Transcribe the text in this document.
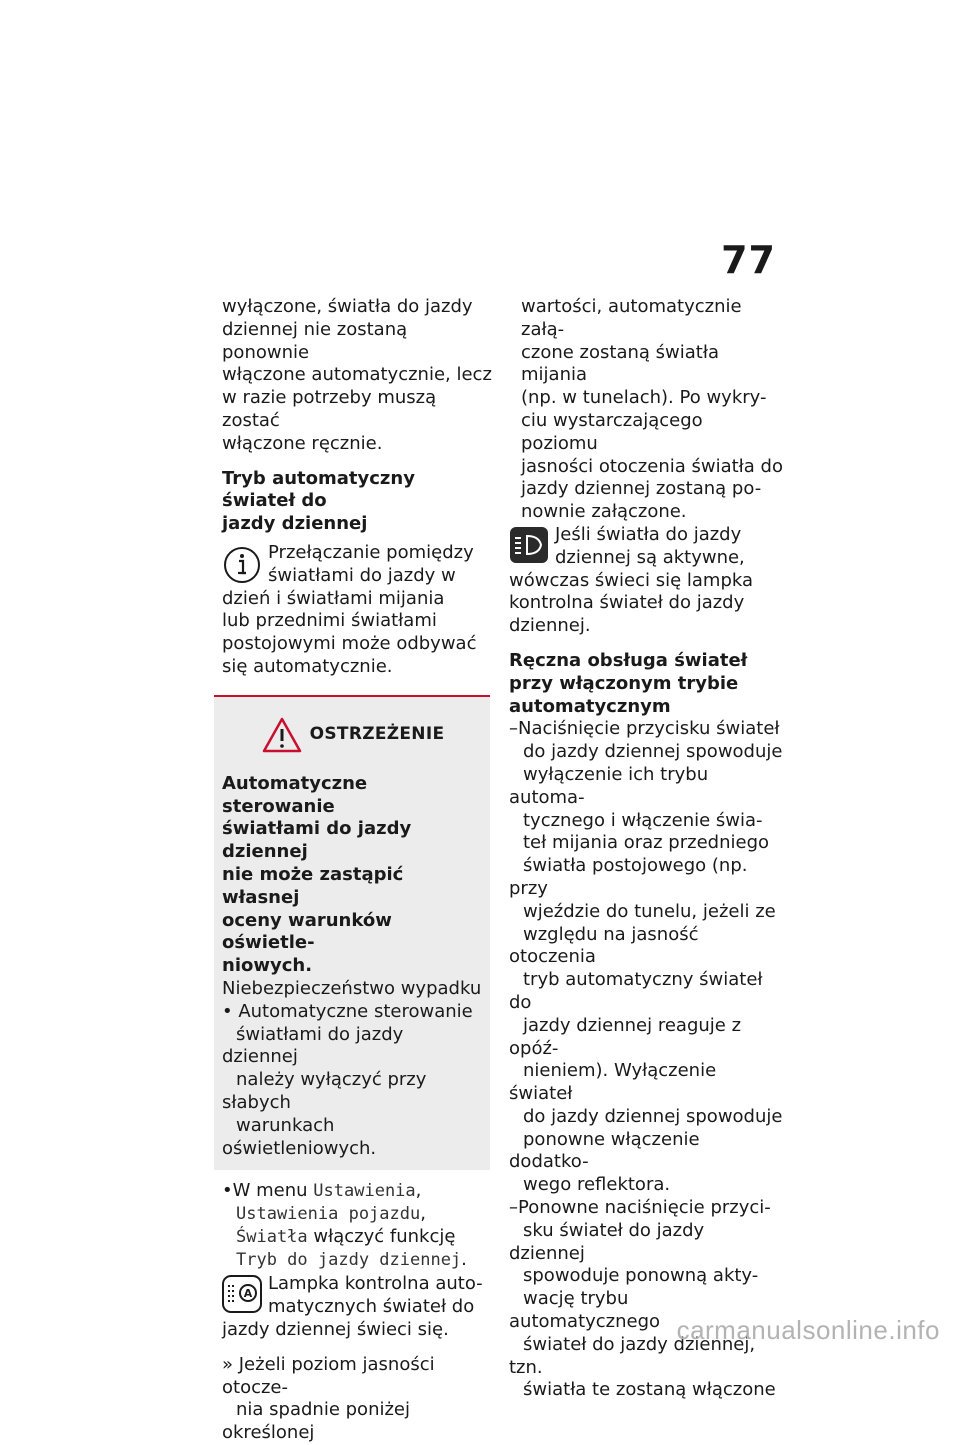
77

wyłączone, światła do jazdy
dziennej nie zostaną ponownie
włączone automatycznie, lecz
w razie potrzeby muszą zostać
włączone ręcznie.

Tryb automatyczny świateł do
jazdy dziennej

Przełączanie pomiędzy
światłami do jazdy w
dzień i światłami mijania
lub przednimi światłami
postojowymi może odbywać
się automatycznie.

OSTRZEŻENIE

Automatyczne sterowanie
światłami do jazdy dziennej
nie może zastąpić własnej
oceny warunków oświetle-
niowych.

Niebezpieczeństwo wypadku

• Automatyczne sterowanie
światłami do jazdy dziennej
należy wyłączyć przy słabych
warunkach oświetleniowych.

•W menu Ustawienia,
Ustawienia pojazdu,
Światła włączyć funkcję
Tryb do jazdy dziennej.

A Lampka kontrolna auto-
matycznych świateł do
jazdy dziennej świeci się.

» Jeżeli poziom jasności otocze-
nia spadnie poniżej określonej

wartości, automatycznie załą-
czone zostaną światła mijania
(np. w tunelach). Po wykry-
ciu wystarczającego poziomu
jasności otoczenia światła do
jazdy dziennej zostaną po-
nownie załączone.

Jeśli światła do jazdy
dziennej są aktywne,
wówczas świeci się lampka
kontrolna świateł do jazdy
dziennej.

Ręczna obsługa świateł
przy włączonym trybie
automatycznym

–Naciśnięcie przycisku świateł
do jazdy dziennej spowoduje
wyłączenie ich trybu automa-
tycznego i włączenie świa-
teł mijania oraz przedniego
światła postojowego (np. przy
wjeździe do tunelu, jeżeli ze
względu na jasność otoczenia
tryb automatyczny świateł do
jazdy dziennej reaguje z opóź-
nieniem). Wyłączenie świateł
do jazdy dziennej spowoduje
ponowne włączenie dodatko-
wego reflektora.

–Ponowne naciśnięcie przyci-
sku świateł do jazdy dziennej
spowoduje ponowną akty-
wację trybu automatycznego
świateł do jazdy dziennej, tzn.
światła te zostaną włączone

carmanualsonline.info
